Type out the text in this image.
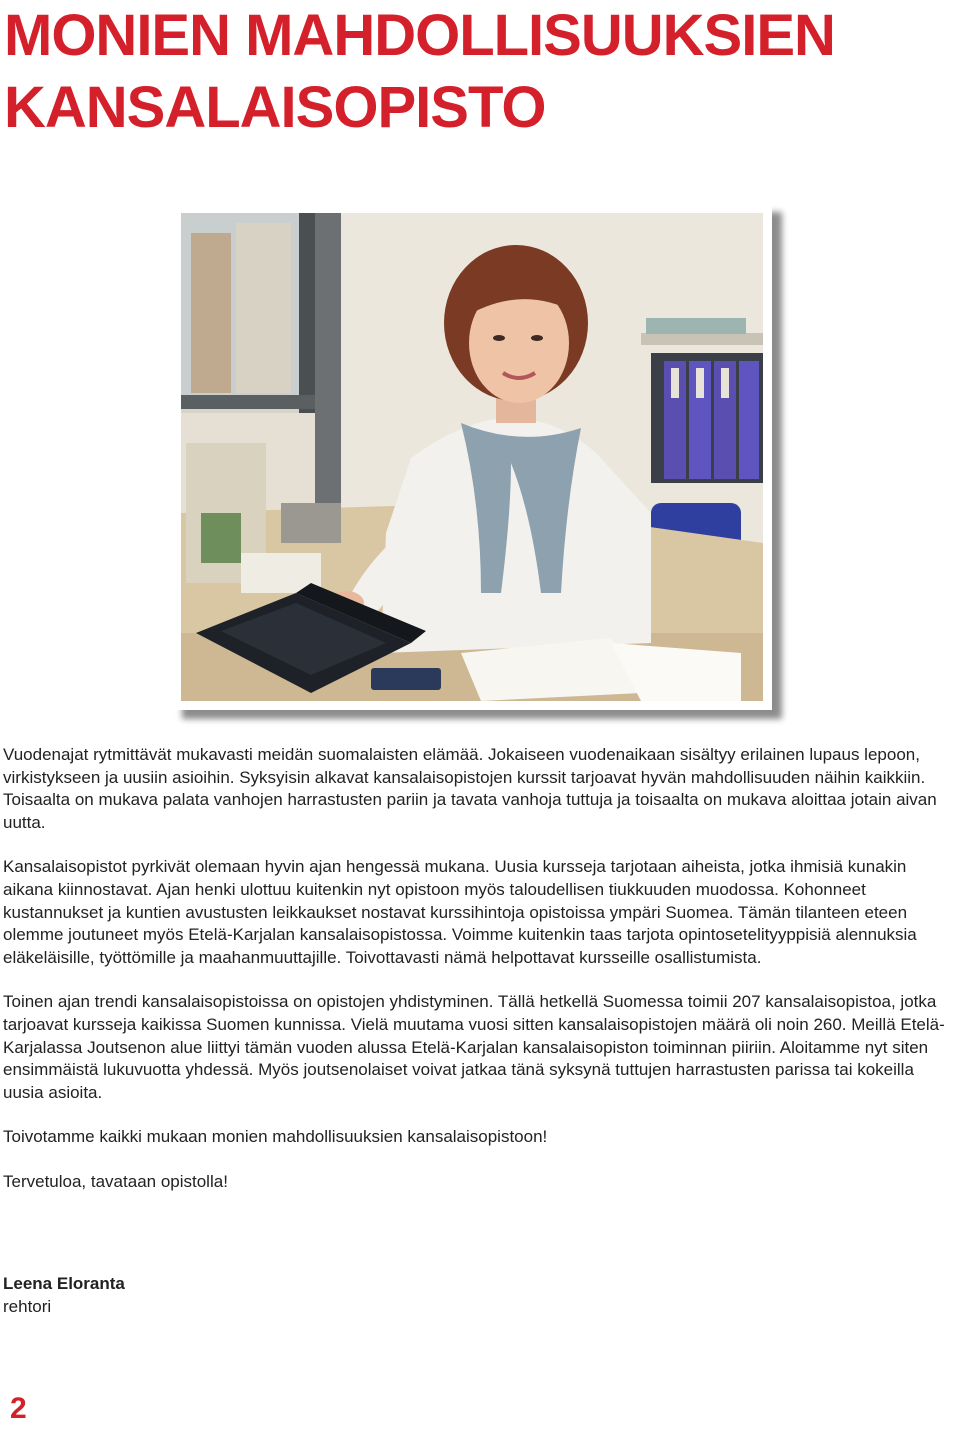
MONIEN MAHDOLLISUUKSIEN
KANSALAISOPISTO

Vuodenajat rytmittävät mukavasti meidän suomalaisten elämää. Jokaiseen vuodenaikaan sisältyy erilainen lupaus lepoon, virkistykseen ja uusiin asioihin. Syksyisin alkavat kansalaisopistojen kurssit tarjoavat hyvän mahdollisuuden näihin kaikkiin. Toisaalta on mukava palata vanhojen harrastusten pariin ja tavata vanhoja tuttuja ja toisaalta on mukava aloittaa jotain aivan uutta.

Kansalaisopistot pyrkivät olemaan hyvin ajan hengessä mukana. Uusia kursseja tarjotaan aiheista, jotka ihmisiä kunakin aikana kiinnostavat. Ajan henki ulottuu kuitenkin nyt opistoon myös taloudellisen tiukkuuden muodossa. Kohonneet kustannukset ja kuntien avustusten leikkaukset nostavat kurssihintoja opistoissa ympäri Suomea. Tämän tilanteen eteen olemme joutuneet myös Etelä-Karjalan kansalaisopistossa. Voimme kuitenkin taas tarjota opintosetelityyppisiä alennuksia eläkeläisille, työttömille ja maahanmuuttajille. Toivottavasti nämä helpottavat kursseille osallistumista.

Toinen ajan trendi kansalaisopistoissa on opistojen yhdistyminen. Tällä hetkellä Suomessa toimii 207 kansalaisopistoa, jotka tarjoavat kursseja kaikissa Suomen kunnissa. Vielä muutama vuosi sitten kansalaisopistojen määrä oli noin 260. Meillä Etelä-Karjalassa Joutsenon alue liittyi tämän vuoden alussa Etelä-Karjalan kansalaisopiston toiminnan piiriin. Aloitamme nyt siten ensimmäistä lukuvuotta yhdessä. Myös joutsenolaiset voivat jatkaa tänä syksynä tuttujen harrastusten parissa tai kokeilla uusia asioita.

Toivotamme kaikki mukaan monien mahdollisuuksien kansalaisopistoon!

Tervetuloa, tavataan opistolla!

Leena Eloranta
rehtori
2
